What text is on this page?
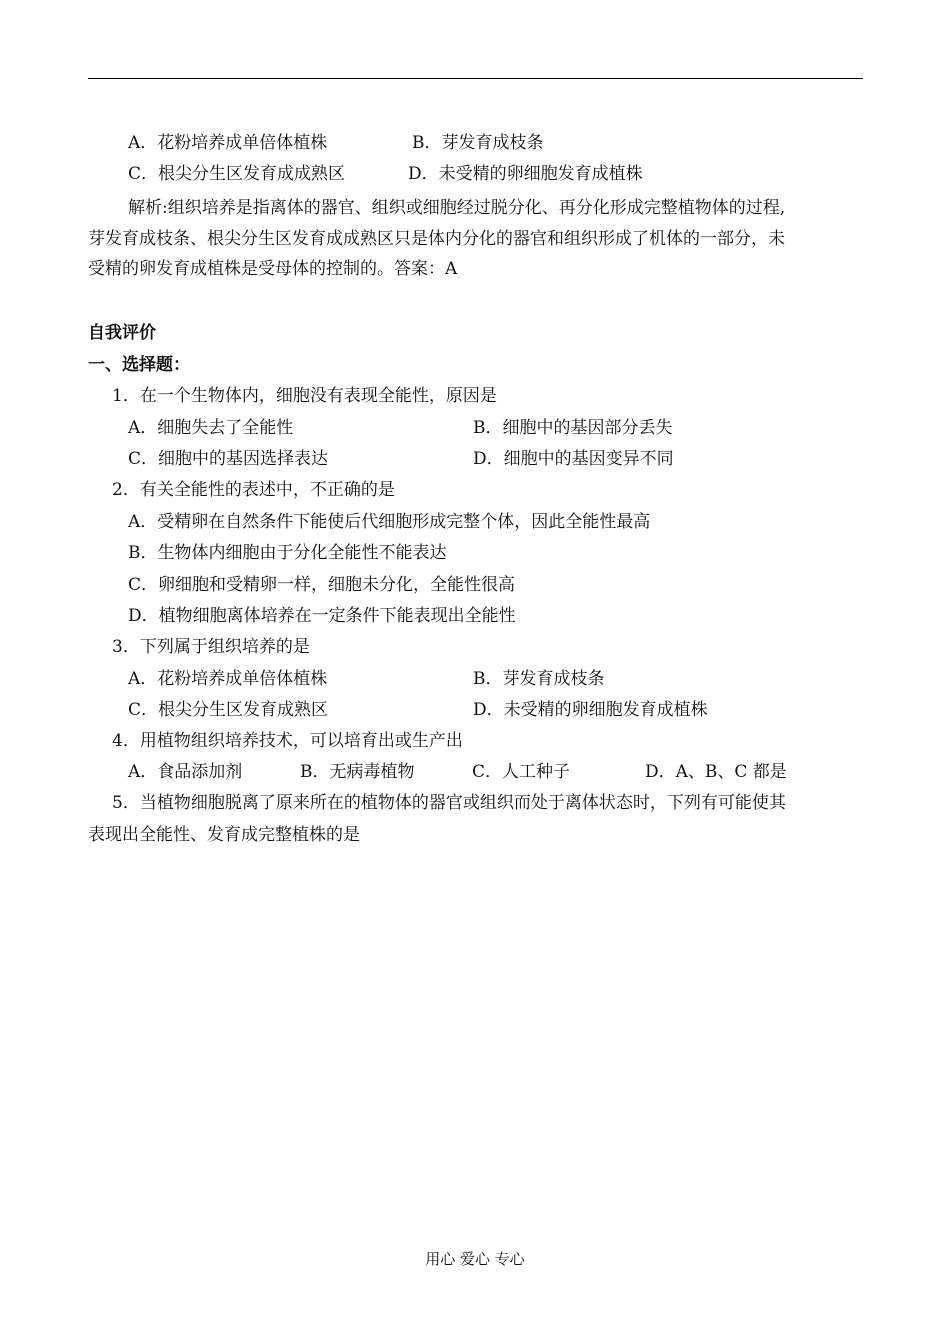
A．花粉培养成单倍体植株	B．芽发育成枝条
C．根尖分生区发育成成熟区	D．未受精的卵细胞发育成植株
解析:组织培养是指离体的器官、组织或细胞经过脱分化、再分化形成完整植物体的过程,
芽发育成枝条、根尖分生区发育成成熟区只是体内分化的器官和组织形成了机体的一部分，未
受精的卵发育成植株是受母体的控制的。答案：A
自我评价
一、选择题：
1．在一个生物体内，细胞没有表现全能性，原因是
A．细胞失去了全能性	B．细胞中的基因部分丢失
C．细胞中的基因选择表达	D．细胞中的基因变异不同
2．有关全能性的表述中，不正确的是
A．受精卵在自然条件下能使后代细胞形成完整个体，因此全能性最高
B．生物体内细胞由于分化全能性不能表达
C．卵细胞和受精卵一样，细胞未分化，全能性很高
D．植物细胞离体培养在一定条件下能表现出全能性
3．下列属于组织培养的是
A．花粉培养成单倍体植株	B．芽发育成枝条
C．根尖分生区发育成熟区	D．未受精的卵细胞发育成植株
4．用植物组织培养技术，可以培育出或生产出
A．食品添加剂	B．无病毒植物	C．人工种子	D．A、B、C 都是
5．当植物细胞脱离了原来所在的植物体的器官或组织而处于离体状态时，下列有可能使其
表现出全能性、发育成完整植株的是
用心 爱心 专心
